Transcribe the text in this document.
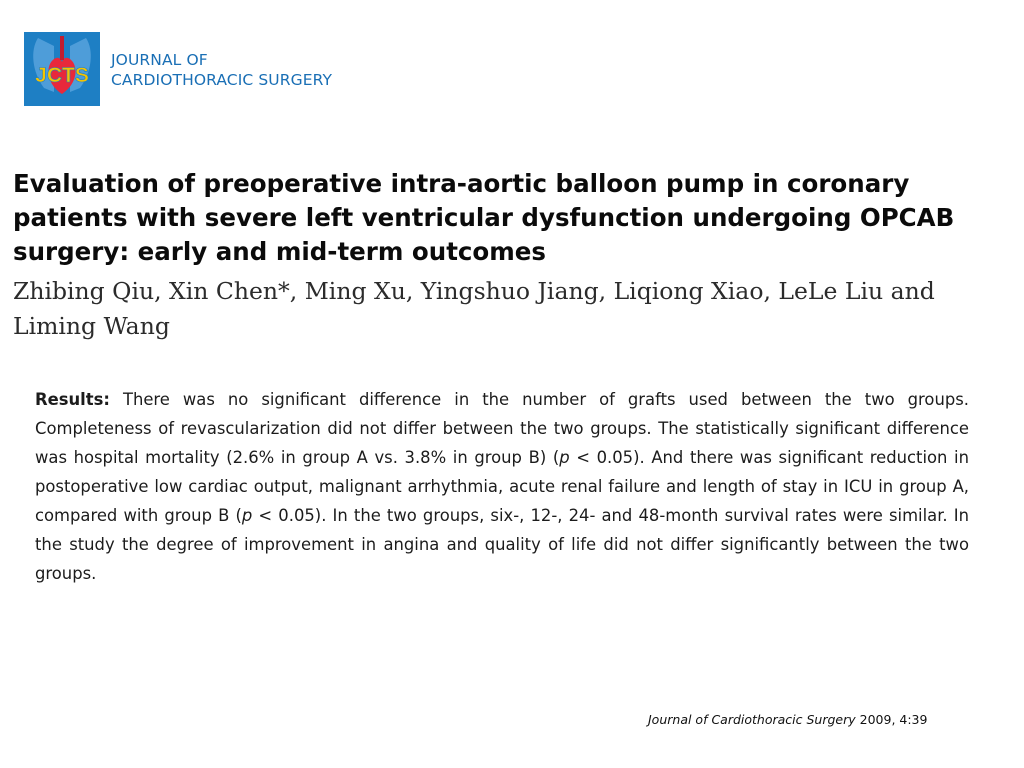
JCTS
JOURNAL OF
CARDIOTHORACIC SURGERY
Evaluation of preoperative intra-aortic balloon pump in coronary patients with severe left ventricular dysfunction undergoing OPCAB surgery: early and mid-term outcomes

Zhibing Qiu, Xin Chen*, Ming Xu, Yingshuo Jiang, Liqiong Xiao, LeLe Liu and Liming Wang

Results: There was no significant difference in the number of grafts used between the two groups. Completeness of revascularization did not differ between the two groups. The statistically significant difference was hospital mortality (2.6% in group A vs. 3.8% in group B) (p < 0.05). And there was significant reduction in postoperative low cardiac output, malignant arrhythmia, acute renal failure and length of stay in ICU in group A, compared with group B (p < 0.05). In the two groups, six-, 12-, 24- and 48-month survival rates were similar. In the study the degree of improvement in angina and quality of life did not differ significantly between the two groups.

Journal of Cardiothoracic Surgery 2009, 4:39
